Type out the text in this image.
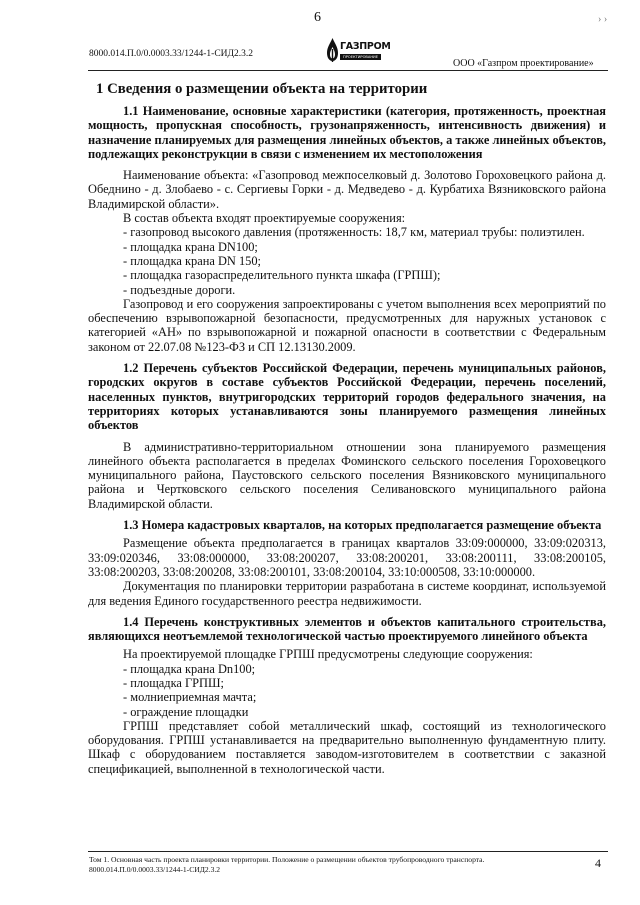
6	› ›
8000.014.П.0/0.0003.33/1244-1-СИД2.3.2
ГАЗПРОМ
ПРОЕКТИРОВАНИЕ
ООО «Газпром проектирование»
1 Сведения о размещении объекта на территории

1.1 Наименование, основные характеристики (категория, протяженность, проектная мощность, пропускная способность, грузонапряженность, интенсивность движения) и назначение планируемых для размещения линейных объектов, а также линейных объектов, подлежащих реконструкции в связи с изменением их местоположения

Наименование объекта: «Газопровод межпоселковый д. Золотово Гороховецкого района д. Обеднино - д. Злобаево - с. Сергиевы Горки - д. Медведево - д. Курбатиха Вязниковского района Владимирской области».

В состав объекта входят проектируемые сооружения:

- газопровод высокого давления (протяженность: 18,7 км, материал трубы: полиэтилен.

- площадка крана DN100;

- площадка крана DN 150;

- площадка газораспределительного пункта шкафа (ГРПШ);

- подъездные дороги.

Газопровод и его сооружения запроектированы с учетом выполнения всех мероприятий по обеспечению взрывопожарной безопасности, предусмотренных для наружных установок с категорией «АН» по взрывопожарной и пожарной опасности в соответствии с Федеральным законом от 22.07.08 №123-ФЗ и СП 12.13130.2009.

1.2 Перечень субъектов Российской Федерации, перечень муниципальных районов, городских округов в составе субъектов Российской Федерации, перечень поселений, населенных пунктов, внутригородских территорий городов федерального значения, на территориях которых устанавливаются зоны планируемого размещения линейных объектов

В административно-территориальном отношении зона планируемого размещения линейного объекта располагается в пределах Фоминского сельского поселения Гороховецкого муниципального района, Паустовского сельского поселения Вязниковского муниципального района и Чертковского сельского поселения Селивановского муниципального района Владимирской области.

1.3 Номера кадастровых кварталов, на которых предполагается размещение объекта

Размещение объекта предполагается в границах кварталов 33:09:000000, 33:09:020313, 33:09:020346, 33:08:000000, 33:08:200207, 33:08:200201, 33:08:200111, 33:08:200105, 33:08:200203, 33:08:200208, 33:08:200101, 33:08:200104, 33:10:000508, 33:10:000000.

Документация по планировки территории разработана в системе координат, используемой для ведения Единого государственного реестра недвижимости.

1.4 Перечень конструктивных элементов и объектов капитального строительства, являющихся неотъемлемой технологической частью проектируемого линейного объекта

На проектируемой площадке ГРПШ предусмотрены следующие сооружения:

- площадка крана Dn100;

- площадка ГРПШ;

- молниеприемная мачта;

- ограждение площадки

ГРПШ представляет собой металлический шкаф, состоящий из технологического оборудования. ГРПШ устанавливается на предварительно выполненную фундаментную плиту. Шкаф с оборудованием поставляется заводом-изготовителем в соответствии с заказной спецификацией, выполненной в технологической части.

Том 1. Основная часть проекта планировки территории. Положение о размещении объектов трубопроводного транспорта.
8000.014.П.0/0.0003.33/1244-1-СИД2.3.2	4
